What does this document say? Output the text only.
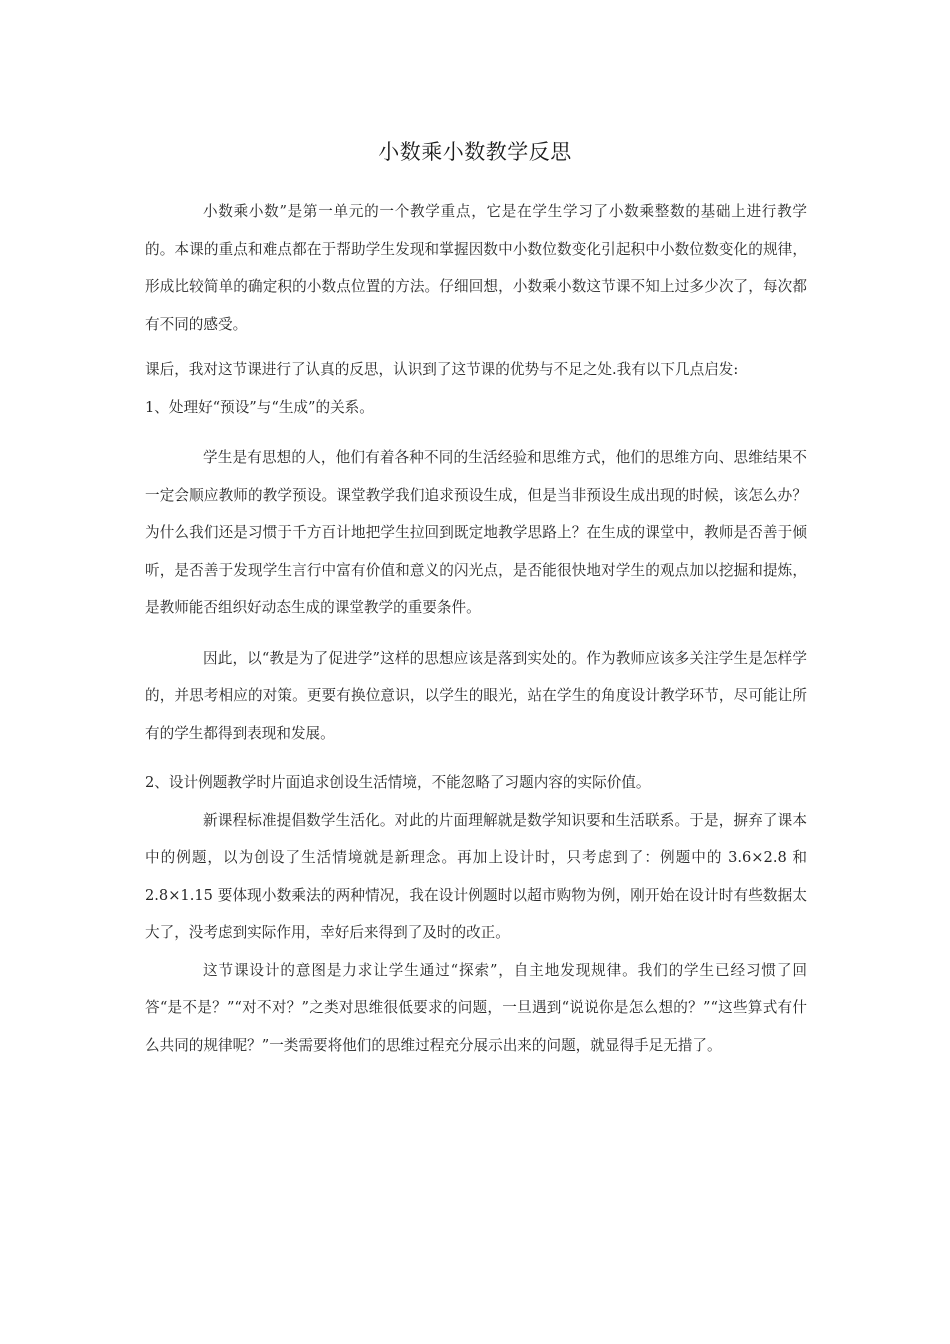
小数乘小数教学反思

小数乘小数”是第一单元的一个教学重点，它是在学生学习了小数乘整数的基础上进行教学的。本课的重点和难点都在于帮助学生发现和掌握因数中小数位数变化引起积中小数位数变化的规律，形成比较简单的确定积的小数点位置的方法。仔细回想，小数乘小数这节课不知上过多少次了，每次都有不同的感受。

课后，我对这节课进行了认真的反思，认识到了这节课的优势与不足之处.我有以下几点启发:

1、处理好“预设”与“生成”的关系。

学生是有思想的人，他们有着各种不同的生活经验和思维方式，他们的思维方向、思维结果不一定会顺应教师的教学预设。课堂教学我们追求预设生成，但是当非预设生成出现的时候，该怎么办？为什么我们还是习惯于千方百计地把学生拉回到既定地教学思路上？在生成的课堂中，教师是否善于倾听，是否善于发现学生言行中富有价值和意义的闪光点，是否能很快地对学生的观点加以挖掘和提炼，是教师能否组织好动态生成的课堂教学的重要条件。

因此，以“教是为了促进学”这样的思想应该是落到实处的。作为教师应该多关注学生是怎样学的，并思考相应的对策。更要有换位意识，以学生的眼光，站在学生的角度设计教学环节，尽可能让所有的学生都得到表现和发展。

2、设计例题教学时片面追求创设生活情境，不能忽略了习题内容的实际价值。

新课程标准提倡数学生活化。对此的片面理解就是数学知识要和生活联系。于是，摒弃了课本中的例题，以为创设了生活情境就是新理念。再加上设计时，只考虑到了：例题中的 3.6×2.8 和 2.8×1.15 要体现小数乘法的两种情况，我在设计例题时以超市购物为例，刚开始在设计时有些数据太大了，没考虑到实际作用，幸好后来得到了及时的改正。

这节课设计的意图是力求让学生通过“探索”，自主地发现规律。我们的学生已经习惯了回答“是不是？”“对不对？”之类对思维很低要求的问题，一旦遇到“说说你是怎么想的？”“这些算式有什么共同的规律呢？”一类需要将他们的思维过程充分展示出来的问题，就显得手足无措了。
